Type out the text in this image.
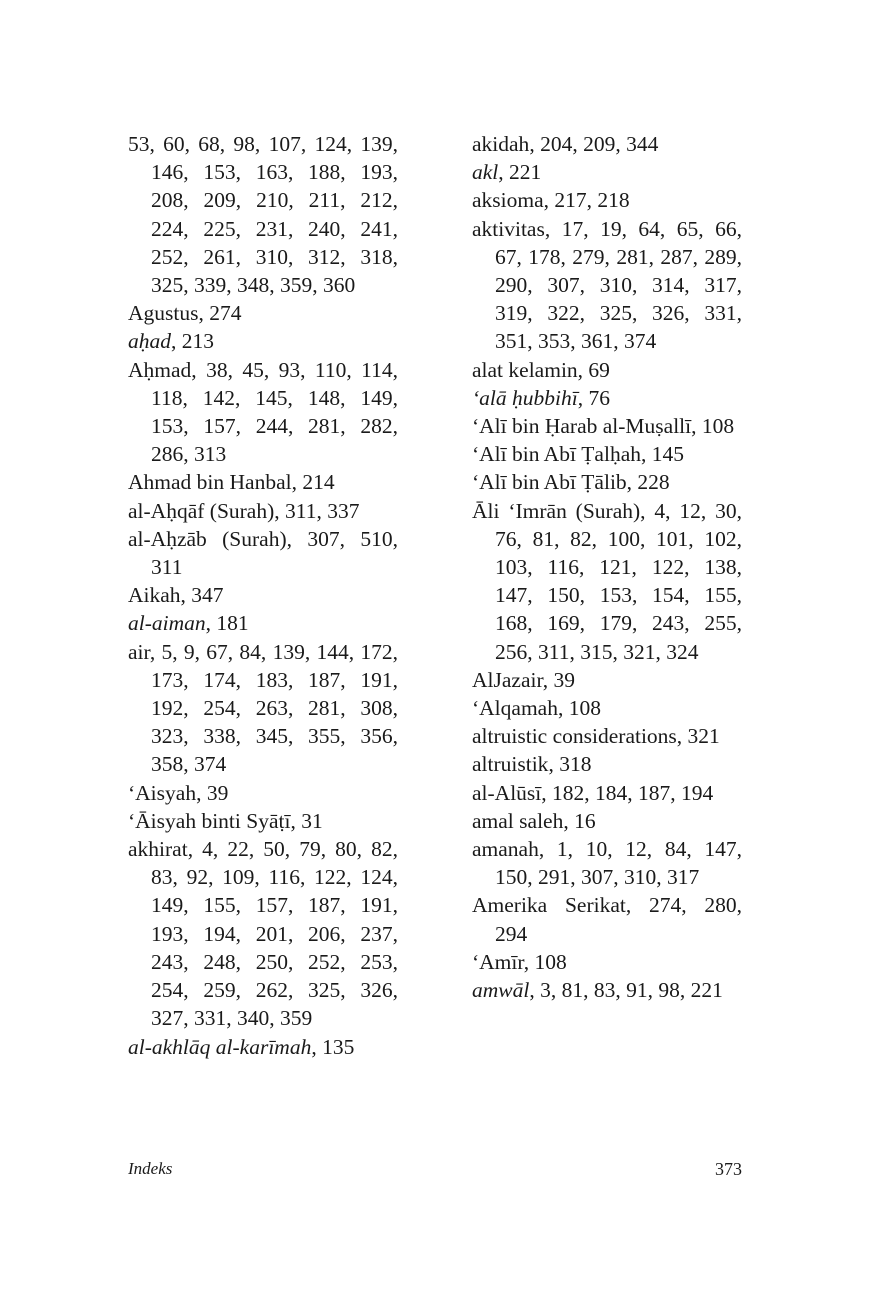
53, 60, 68, 98, 107, 124, 139, 146, 153, 163, 188, 193, 208, 209, 210, 211, 212, 224, 225, 231, 240, 241, 252, 261, 310, 312, 318, 325, 339, 348, 359, 360
Agustus, 274
aḥad, 213
Aḥmad, 38, 45, 93, 110, 114, 118, 142, 145, 148, 149, 153, 157, 244, 281, 282, 286, 313
Ahmad bin Hanbal, 214
al-Aḥqāf (Surah), 311, 337
al-Aḥzāb (Surah), 307, 510, 311
Aikah, 347
al-aiman, 181
air, 5, 9, 67, 84, 139, 144, 172, 173, 174, 183, 187, 191, 192, 254, 263, 281, 308, 323, 338, 345, 355, 356, 358, 374
‘Aisyah, 39
‘Āisyah binti Syāṭī, 31
akhirat, 4, 22, 50, 79, 80, 82, 83, 92, 109, 116, 122, 124, 149, 155, 157, 187, 191, 193, 194, 201, 206, 237, 243, 248, 250, 252, 253, 254, 259, 262, 325, 326, 327, 331, 340, 359
al-akhlāq al-karīmah, 135
akidah, 204, 209, 344
akl, 221
aksioma, 217, 218
aktivitas, 17, 19, 64, 65, 66, 67, 178, 279, 281, 287, 289, 290, 307, 310, 314, 317, 319, 322, 325, 326, 331, 351, 353, 361, 374
alat kelamin, 69
‘alā ḥubbihī, 76
‘Alī bin Ḥarab al-Muṣallī, 108
‘Alī bin Abī Ṭalḥah, 145
‘Alī bin Abī Ṭālib, 228
Āli ‘Imrān (Surah), 4, 12, 30, 76, 81, 82, 100, 101, 102, 103, 116, 121, 122, 138, 147, 150, 153, 154, 155, 168, 169, 179, 243, 255, 256, 311, 315, 321, 324
AlJazair, 39
‘Alqamah, 108
altruistic considerations, 321
altruistik, 318
al-Alūsī, 182, 184, 187, 194
amal saleh, 16
amanah, 1, 10, 12, 84, 147, 150, 291, 307, 310, 317
Amerika Serikat, 274, 280, 294
‘Amīr, 108
amwāl, 3, 81, 83, 91, 98, 221
Indeks	373
